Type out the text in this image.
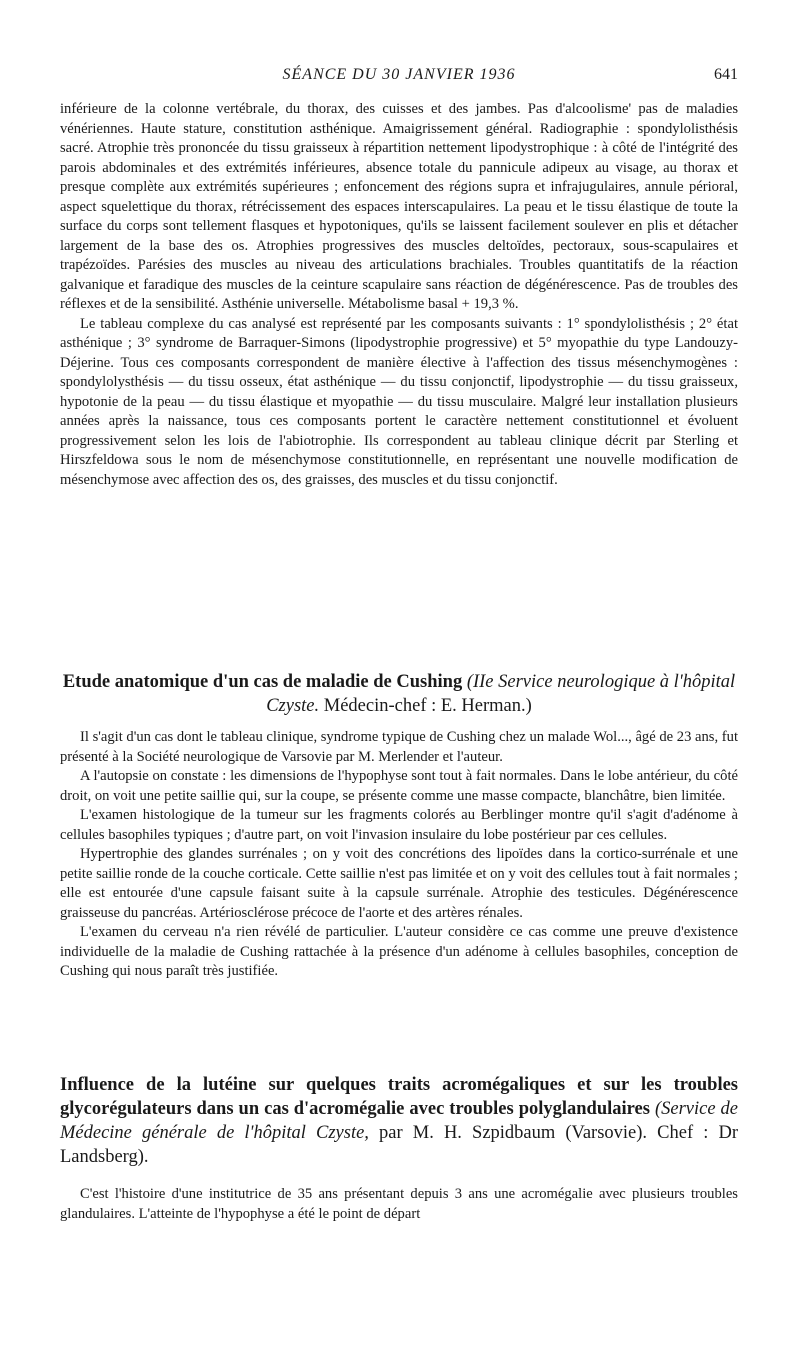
SÉANCE DU 30 JANVIER 1936	641

inférieure de la colonne vertébrale, du thorax, des cuisses et des jambes. Pas d'alcoolisme' pas de maladies vénériennes. Haute stature, constitution asthénique. Amaigrissement général. Radiographie : spondylolisthésis sacré. Atrophie très prononcée du tissu graisseux à répartition nettement lipodystrophique : à côté de l'intégrité des parois abdominales et des extrémités inférieures, absence totale du pannicule adipeux au visage, au thorax et presque complète aux extrémités supérieures ; enfoncement des régions supra et infrajugulaires, annule périoral, aspect squelettique du thorax, rétrécissement des espaces interscapulaires. La peau et le tissu élastique de toute la surface du corps sont tellement flasques et hypotoniques, qu'ils se laissent facilement soulever en plis et détacher largement de la base des os. Atrophies progressives des muscles deltoïdes, pectoraux, sous-scapulaires et trapézoïdes. Parésies des muscles au niveau des articulations brachiales. Troubles quantitatifs de la réaction galvanique et faradique des muscles de la ceinture scapulaire sans réaction de dégénérescence. Pas de troubles des réflexes et de la sensibilité. Asthénie universelle. Métabolisme basal + 19,3 %.

Le tableau complexe du cas analysé est représenté par les composants suivants : 1° spondylolisthésis ; 2° état asthénique ; 3° syndrome de Barraquer-Simons (lipodystrophie progressive) et 5° myopathie du type Landouzy-Déjerine. Tous ces composants correspondent de manière élective à l'affection des tissus mésenchymogènes : spondylolysthésis — du tissu osseux, état asthénique — du tissu conjonctif, lipodystrophie — du tissu graisseux, hypotonie de la peau — du tissu élastique et myopathie — du tissu musculaire. Malgré leur installation plusieurs années après la naissance, tous ces composants portent le caractère nettement constitutionnel et évoluent progressivement selon les lois de l'abiotrophie. Ils correspondent au tableau clinique décrit par Sterling et Hirszfeldowa sous le nom de mésenchymose constitutionnelle, en représentant une nouvelle modification de mésenchymose avec affection des os, des graisses, des muscles et du tissu conjonctif.

Etude anatomique d'un cas de maladie de Cushing (IIe Service neurologique à l'hôpital Czyste. Médecin-chef : E. Herman.)

Il s'agit d'un cas dont le tableau clinique, syndrome typique de Cushing chez un malade Wol..., âgé de 23 ans, fut présenté à la Société neurologique de Varsovie par M. Merlender et l'auteur.

A l'autopsie on constate : les dimensions de l'hypophyse sont tout à fait normales. Dans le lobe antérieur, du côté droit, on voit une petite saillie qui, sur la coupe, se présente comme une masse compacte, blanchâtre, bien limitée.

L'examen histologique de la tumeur sur les fragments colorés au Berblinger montre qu'il s'agit d'adénome à cellules basophiles typiques ; d'autre part, on voit l'invasion insulaire du lobe postérieur par ces cellules.

Hypertrophie des glandes surrénales ; on y voit des concrétions des lipoïdes dans la cortico-surrénale et une petite saillie ronde de la couche corticale. Cette saillie n'est pas limitée et on y voit des cellules tout à fait normales ; elle est entourée d'une capsule faisant suite à la capsule surrénale. Atrophie des testicules. Dégénérescence graisseuse du pancréas. Artériosclérose précoce de l'aorte et des artères rénales.

L'examen du cerveau n'a rien révélé de particulier. L'auteur considère ce cas comme une preuve d'existence individuelle de la maladie de Cushing rattachée à la présence d'un adénome à cellules basophiles, conception de Cushing qui nous paraît très justifiée.

Influence de la lutéine sur quelques traits acromégaliques et sur les troubles glycorégulateurs dans un cas d'acromégalie avec troubles polyglandulaires (Service de Médecine générale de l'hôpital Czyste, par M. H. Szpidbaum (Varsovie). Chef : Dr Landsberg).

C'est l'histoire d'une institutrice de 35 ans présentant depuis 3 ans une acromégalie avec plusieurs troubles glandulaires. L'atteinte de l'hypophyse a été le point de départ
